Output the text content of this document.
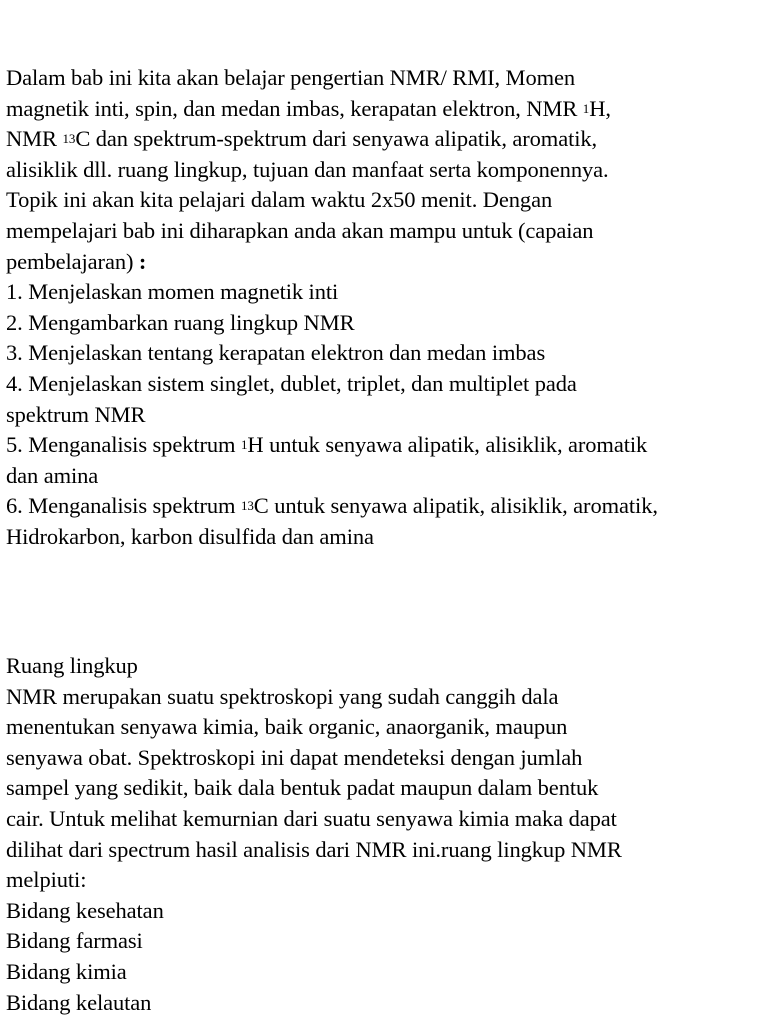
Dalam bab ini kita akan belajar pengertian NMR/ RMI, Momen
magnetik inti, spin, dan medan imbas, kerapatan elektron, NMR $^1$H,
NMR $^{13}$C dan spektrum-spektrum dari senyawa alipatik, aromatik,
alisiklik dll. ruang lingkup, tujuan dan manfaat serta komponennya.
Topik ini akan kita pelajari dalam waktu 2x50 menit. Dengan
mempelajari bab ini diharapkan anda akan mampu untuk (capaian
pembelajaran) :
1. Menjelaskan momen magnetik inti
2. Mengambarkan ruang lingkup NMR
3. Menjelaskan tentang kerapatan elektron dan medan imbas
4. Menjelaskan sistem singlet, dublet, triplet, dan multiplet pada
spektrum NMR
5. Menganalisis spektrum $^1$H untuk senyawa alipatik, alisiklik, aromatik
dan amina
6. Menganalisis spektrum $^{13}$C untuk senyawa alipatik, alisiklik, aromatik,
Hidrokarbon, karbon disulfida dan amina
Ruang lingkup
NMR merupakan suatu spektroskopi yang sudah canggih dala
menentukan senyawa kimia, baik organic, anaorganik, maupun
senyawa obat. Spektroskopi ini dapat mendeteksi dengan jumlah
sampel yang sedikit, baik dala bentuk padat maupun dalam bentuk
cair. Untuk melihat kemurnian dari suatu senyawa kimia maka dapat
dilihat dari spectrum hasil analisis dari NMR ini.ruang lingkup NMR
melpiuti:
Bidang kesehatan
Bidang farmasi
Bidang kimia
Bidang kelautan
